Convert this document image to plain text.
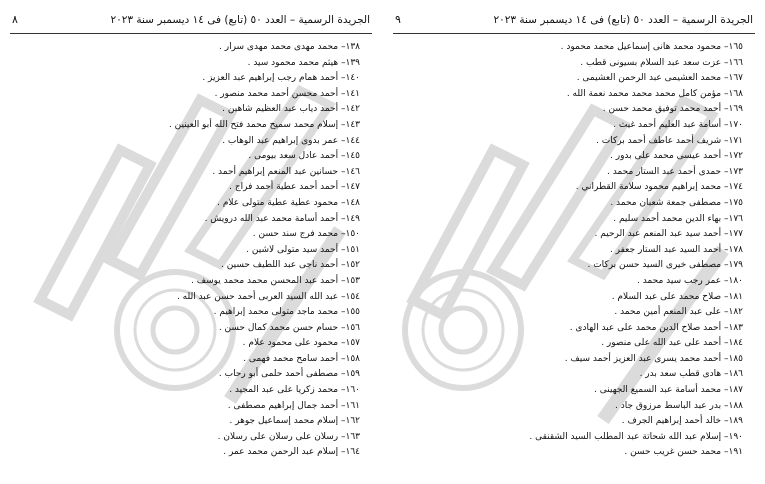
الجريدة الرسمية – العدد ٥٠ (تابع) فى ١٤ ديسمبر سنة ٢٠٢٣
٨
١٣٨– محمد مهدى محمد مهدى سرار .
١٣٩– هيثم محمد محمود سيد .
١٤٠– أحمد همام رجب إبراهيم عبد العزيز .
١٤١– أحمد محسن أحمد محمد منصور .
١٤٢– أحمد دياب عبد العظيم شاهين .
١٤٣– إسلام محمد سميح محمد فتح الله أبو العينين .
١٤٤– عمر بدوى إبراهيم عبد الوهاب .
١٤٥– أحمد عادل سعد بيومى .
١٤٦– حسانين عبد المنعم إبراهيم أحمد .
١٤٧– أحمد أحمد عطية أحمد فراج .
١٤٨– محمود عطية عطية متولى علام .
١٤٩– أحمد أسامة محمد عبد الله درويش .
١٥٠– محمد فرج سند حسن .
١٥١– أحمد سيد متولى لاشين .
١٥٢– أحمد ناجى عبد اللطيف حسين .
١٥٣– أحمد عبد المحسن محمد محمد يوسف .
١٥٤– عبد الله السيد العربى أحمد حسن عبد الله .
١٥٥– محمد ماجد متولى محمد إبراهيم .
١٥٦– حسام حسن محمد كمال حسن .
١٥٧– محمود على محمود علام .
١٥٨– أحمد سامح محمد فهمى .
١٥٩– مصطفى أحمد حلمى أبو رحاب .
١٦٠– محمد زكريا على عبد المجيد .
١٦١– أحمد جمال إبراهيم مصطفى .
١٦٢– إسلام محمد إسماعيل جوهر .
١٦٣– رسلان على رسلان على رسلان .
١٦٤– إسلام عبد الرحمن محمد عمر .
الجريدة الرسمية – العدد ٥٠ (تابع) فى ١٤ ديسمبر سنة ٢٠٢٣
٩
١٦٥– محمود محمد هانى إسماعيل محمد محمود .
١٦٦– عزت سعد عبد السلام بسيونى قطب .
١٦٧– محمد العشيمى عبد الرحمن العشيمى .
١٦٨– مؤمن كامل محمد محمد محمد نعمة الله .
١٦٩– أحمد محمد توفيق محمد حسن .
١٧٠– أسامة عبد العليم أحمد غيث .
١٧١– شريف أحمد عاطف أحمد بركات .
١٧٢– أحمد عيسى محمد على بدور .
١٧٣– حمدى أحمد عبد الستار محمد .
١٧٤– محمد إبراهيم محمود سلامة القطراني .
١٧٥– مصطفى جمعة شعبان محمد .
١٧٦– بهاء الدين محمد أحمد سليم .
١٧٧– أحمد سيد عبد المنعم عبد الرحيم .
١٧٨– أحمد السيد عبد الستار جعفر .
١٧٩– مصطفى خيرى السيد حسن بركات .
١٨٠– عمر رجب سيد محمد .
١٨١– صلاح محمد على عبد السلام .
١٨٢– على عبد المنعم أمين محمد .
١٨٣– أحمد صلاح الدين محمد على عبد الهادى .
١٨٤– أحمد على عبد الله على منصور .
١٨٥– أحمد محمد يسرى عبد العزيز أحمد سيف .
١٨٦– هادى قطب سعد بدر .
١٨٧– محمد أسامة عبد السميع الجهينى .
١٨٨– بدر عبد الباسط مرزوق جاد .
١٨٩– خالد أحمد إبراهيم الجرف .
١٩٠– إسلام عبد الله شحاتة عبد المطلب السيد الشقنقى .
١٩١– محمد حسن غريب حسن .
